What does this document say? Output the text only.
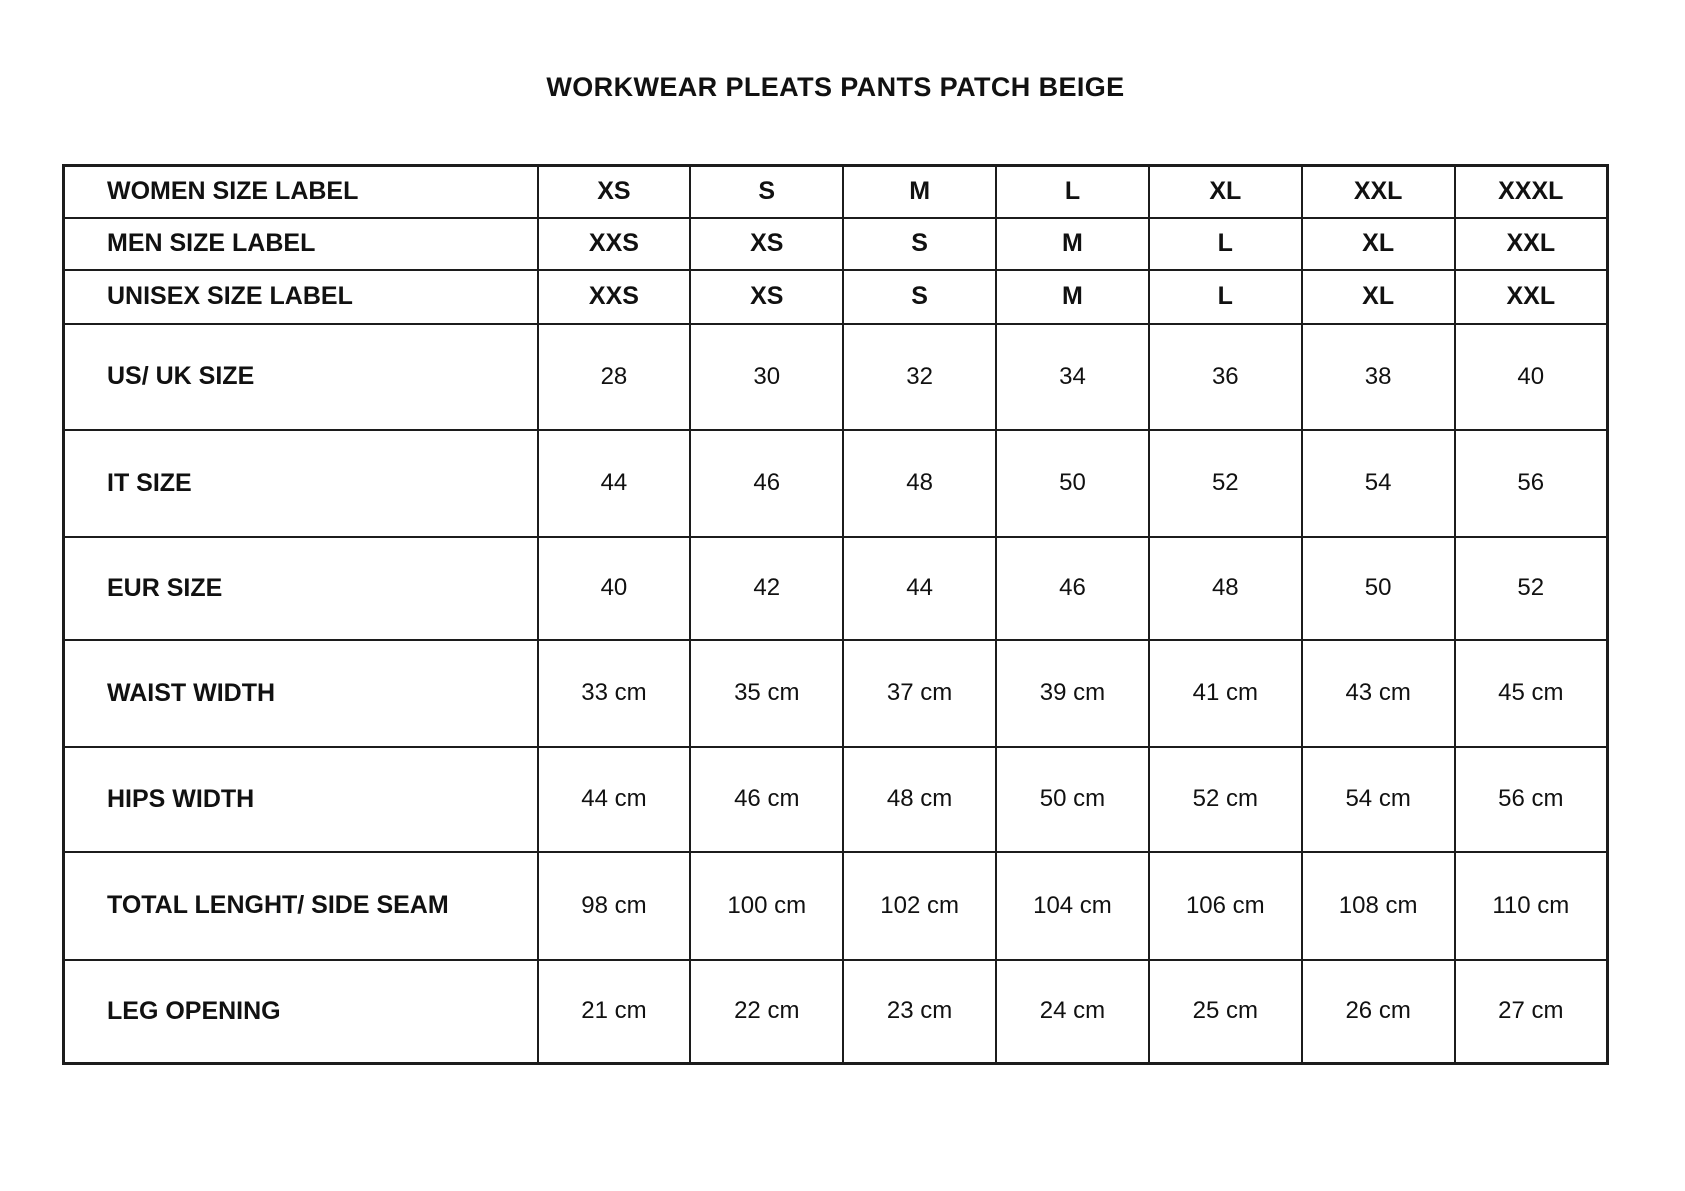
WORKWEAR PLEATS PANTS PATCH BEIGE
WOMEN SIZE LABEL	XS	S	M	L	XL	XXL	XXXL
MEN SIZE LABEL	XXS	XS	S	M	L	XL	XXL
UNISEX SIZE LABEL	XXS	XS	S	M	L	XL	XXL
US/ UK SIZE	28	30	32	34	36	38	40
IT SIZE	44	46	48	50	52	54	56
EUR SIZE	40	42	44	46	48	50	52
WAIST WIDTH	33 cm	35 cm	37 cm	39 cm	41 cm	43 cm	45 cm
HIPS WIDTH	44 cm	46 cm	48 cm	50 cm	52 cm	54 cm	56 cm
TOTAL LENGHT/ SIDE SEAM	98 cm	100 cm	102 cm	104 cm	106 cm	108 cm	110 cm
LEG OPENING	21 cm	22 cm	23 cm	24 cm	25 cm	26 cm	27 cm
